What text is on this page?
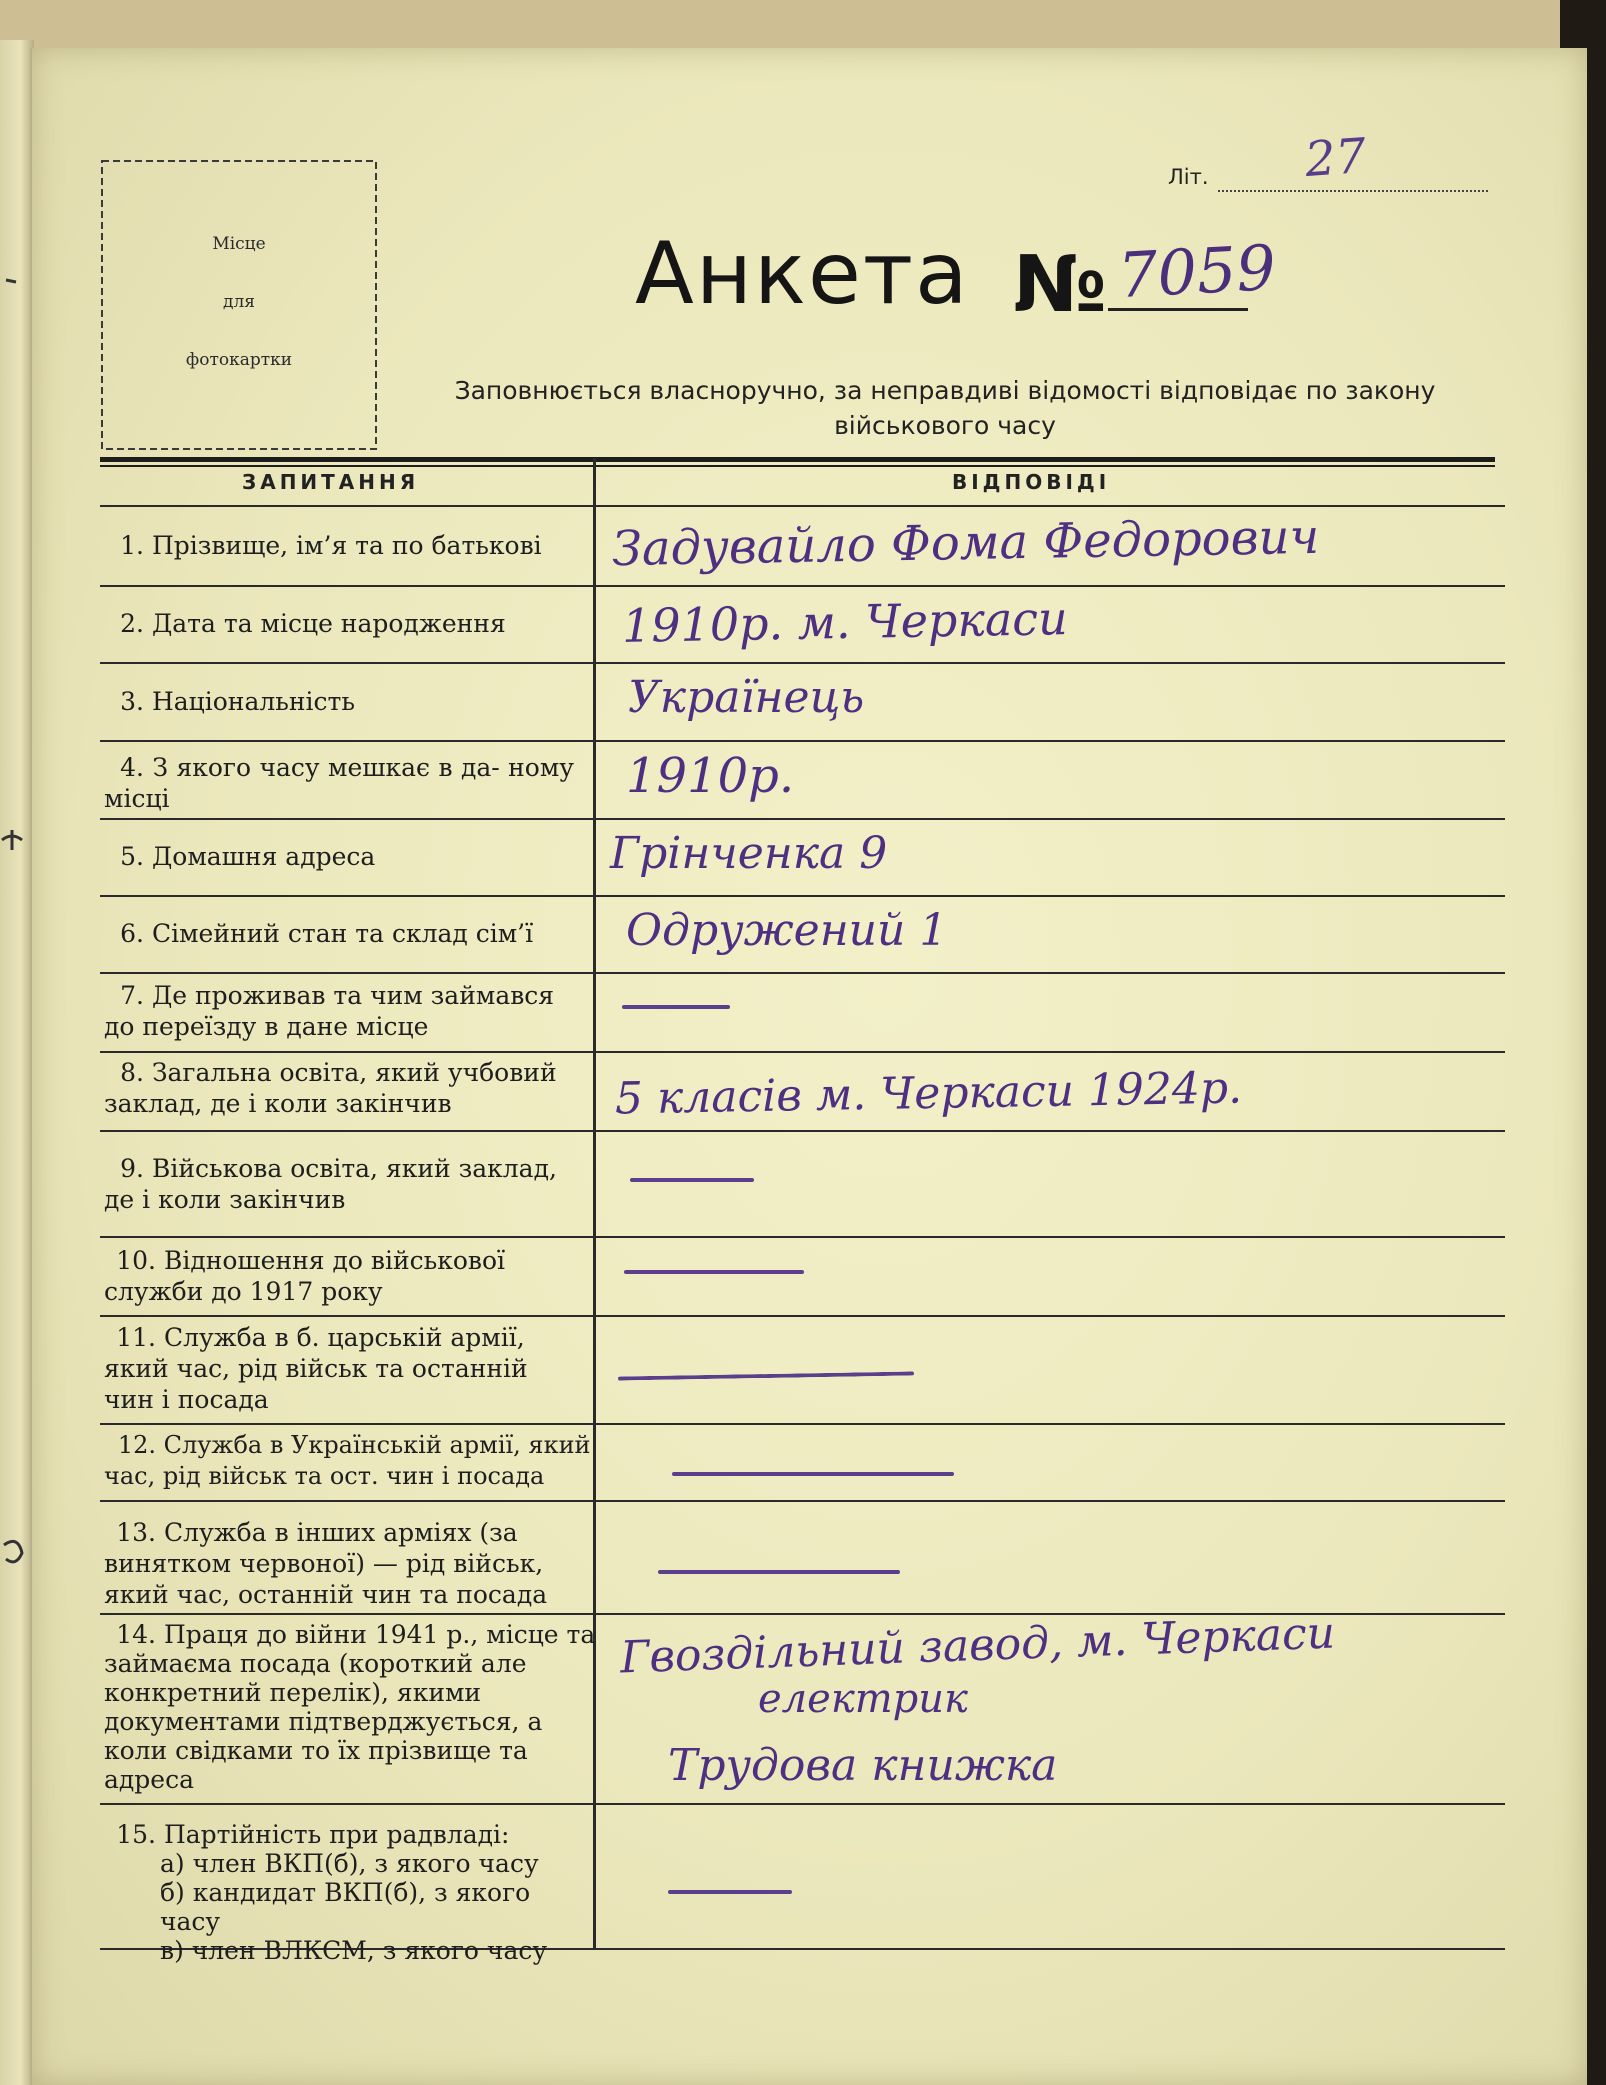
Місце
для
фотокартки
Літ. 27
Анкета № 7059
Заповнюється власноручно, за неправдиві відомості відповідає по закону військового часу
ЗАПИТАННЯ	ВІДПОВІДІ
1. Прізвище, ім’я та по батькові
2. Дата та місце народження
3. Національність
4. З якого часу мешкає в да- ному місці
5. Домашня адреса
6. Сімейний стан та склад сім’ї
7. Де проживав та чим займався до переїзду в дане місце
8. Загальна освіта, який учбовий заклад, де і коли закінчив
9. Військова освіта, який заклад, де і коли закінчив
10. Відношення до військової служби до 1917 року
11. Служба в б. царській армії, який час, рід військ та останній чин і посада
12. Служба в Українській армії, який час, рід військ та ост. чин і посада
13. Служба в інших арміях (за винятком червоної) — рід військ, який час, останній чин та посада
14. Праця до війни 1941 р., місце та займаєма посада (короткий але конкретний перелік), якими документами підтверджується, а коли свідками то їх прізвище та адреса
15. Партійність при радвладі:
а) член ВКП(б), з якого часу
б) кандидат ВКП(б), з якого часу
в) член ВЛКСМ, з якого часу
Задувайло Фома Федорович
1910р. м. Черкаси
Українець
1910р.
Грінченка 9
Одружений 1
5 класів м. Черкаси 1924р.
Гвоздільний завод, м. Черкаси
електрик
Трудова книжка
